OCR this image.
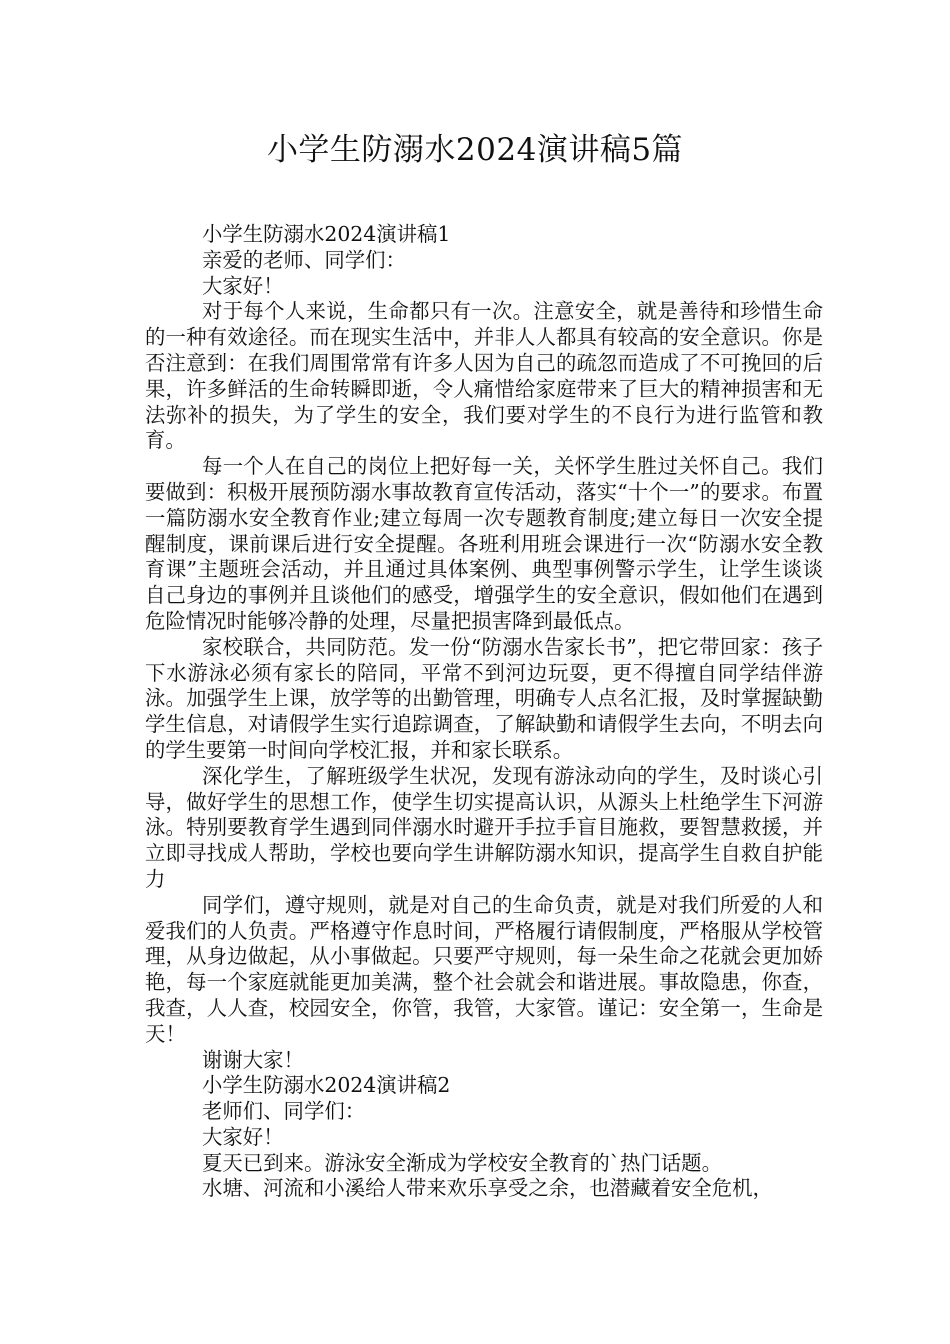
小学生防溺水2024演讲稿5篇

小学生防溺水2024演讲稿1

亲爱的老师、同学们：

大家好！

对于每个人来说，生命都只有一次。注意安全，就是善待和珍惜生命的一种有效途径。而在现实生活中，并非人人都具有较高的安全意识。你是否注意到：在我们周围常常有许多人因为自己的疏忽而造成了不可挽回的后果，许多鲜活的生命转瞬即逝，令人痛惜给家庭带来了巨大的精神损害和无法弥补的损失，为了学生的安全，我们要对学生的不良行为进行监管和教育。

每一个人在自己的岗位上把好每一关，关怀学生胜过关怀自己。我们要做到：积极开展预防溺水事故教育宣传活动，落实“十个一”的要求。布置一篇防溺水安全教育作业;建立每周一次专题教育制度;建立每日一次安全提醒制度，课前课后进行安全提醒。各班利用班会课进行一次“防溺水安全教育课”主题班会活动，并且通过具体案例、典型事例警示学生，让学生谈谈自己身边的事例并且谈他们的感受，增强学生的安全意识，假如他们在遇到危险情况时能够冷静的处理，尽量把损害降到最低点。

家校联合，共同防范。发一份“防溺水告家长书”，把它带回家：孩子下水游泳必须有家长的陪同，平常不到河边玩耍，更不得擅自同学结伴游泳。加强学生上课，放学等的出勤管理，明确专人点名汇报，及时掌握缺勤学生信息，对请假学生实行追踪调查，了解缺勤和请假学生去向，不明去向的学生要第一时间向学校汇报，并和家长联系。

深化学生，了解班级学生状况，发现有游泳动向的学生，及时谈心引导，做好学生的思想工作，使学生切实提高认识，从源头上杜绝学生下河游泳。特别要教育学生遇到同伴溺水时避开手拉手盲目施救，要智慧救援，并立即寻找成人帮助，学校也要向学生讲解防溺水知识，提高学生自救自护能力

同学们，遵守规则，就是对自己的生命负责，就是对我们所爱的人和爱我们的人负责。严格遵守作息时间，严格履行请假制度，严格服从学校管理，从身边做起，从小事做起。只要严守规则，每一朵生命之花就会更加娇艳，每一个家庭就能更加美满，整个社会就会和谐进展。事故隐患，你查，我查，人人查，校园安全，你管，我管，大家管。谨记：安全第一，生命是天！

谢谢大家！

小学生防溺水2024演讲稿2

老师们、同学们：

大家好！

夏天已到来。游泳安全渐成为学校安全教育的`热门话题。

水塘、河流和小溪给人带来欢乐享受之余，也潜藏着安全危机，
